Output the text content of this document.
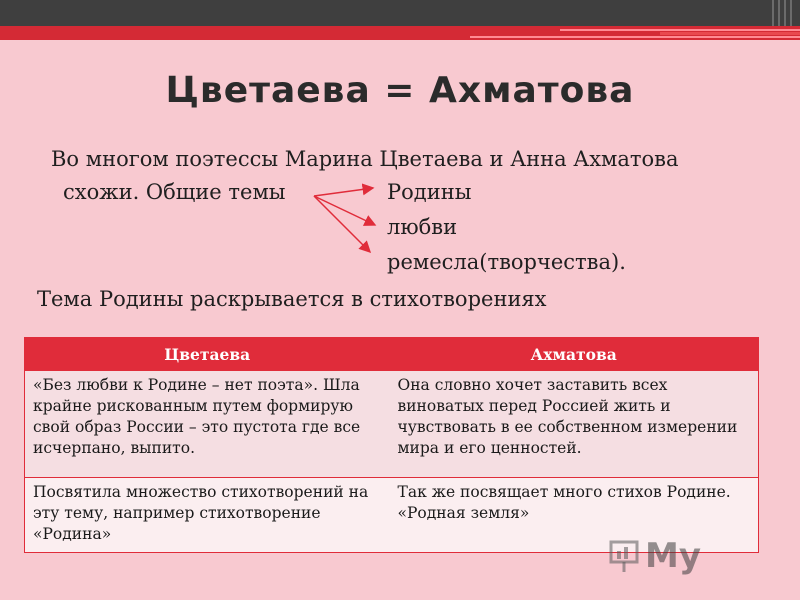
Цветаева = Ахматова
Во многом поэтессы Марина Цветаева и Анна Ахматова
схожи. Общие темы	Родины
любви
ремесла(творчества).
Тема Родины раскрывается в стихотворениях
Цветаева	Ахматова
«Без любви к Родине – нет поэта». Шла крайне рискованным путем формирую свой образ России – это пустота где все исчерпано, выпито.	Она словно хочет заставить всех виноватых перед Россией жить и чувствовать в ее собственном измерении мира и его ценностей.
Посвятила множество стихотворений на эту тему, например стихотворение «Родина»	Так же посвящает много стихов Родине. «Родная земля»
My
